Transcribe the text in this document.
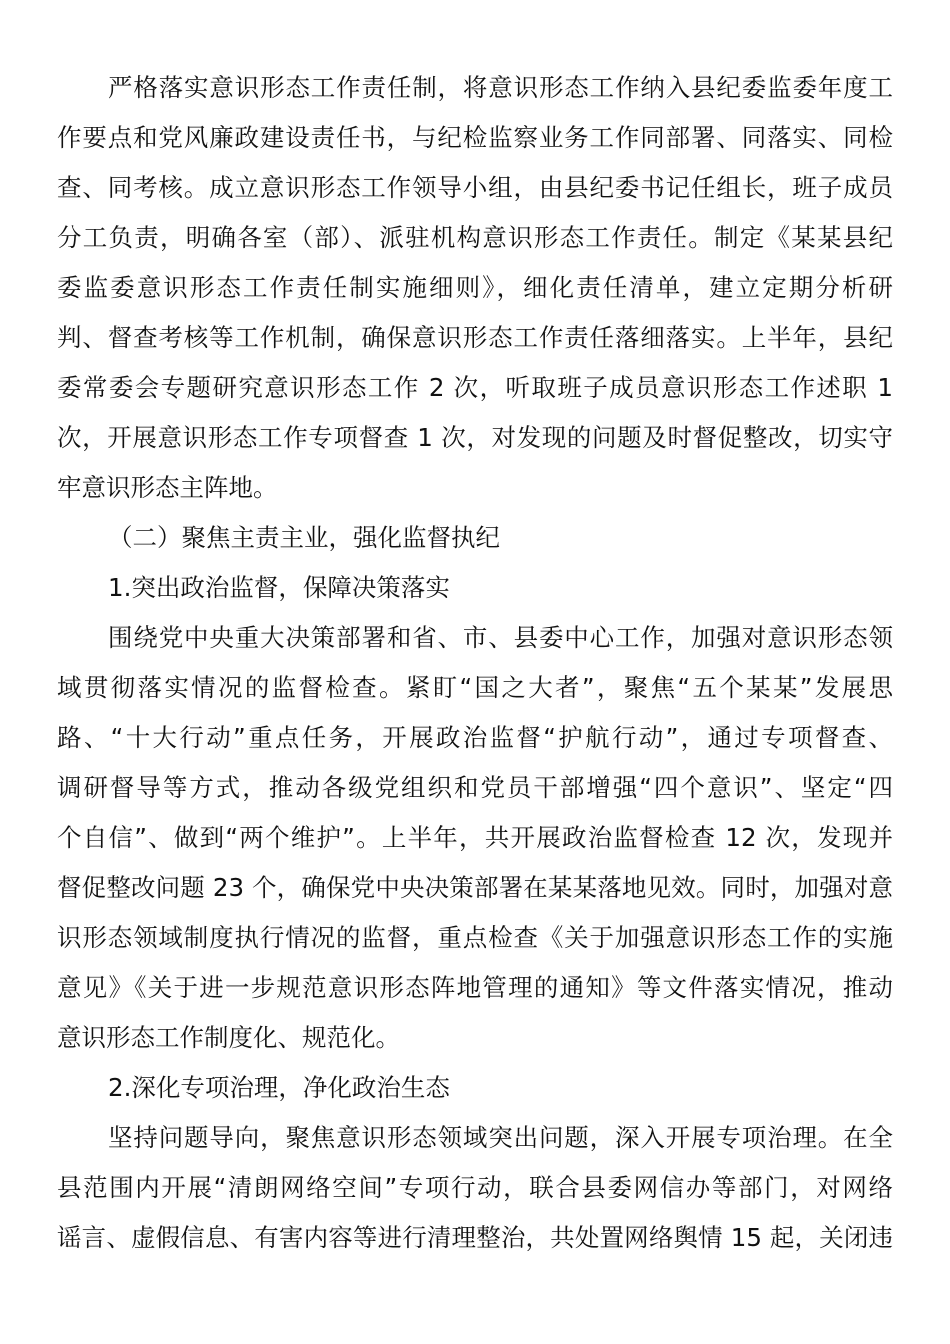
严格落实意识形态工作责任制，将意识形态工作纳入县纪委监委年度工
作要点和党风廉政建设责任书，与纪检监察业务工作同部署、同落实、同检
查、同考核。成立意识形态工作领导小组，由县纪委书记任组长，班子成员
分工负责，明确各室（部）、派驻机构意识形态工作责任。制定《某某县纪
委监委意识形态工作责任制实施细则》，细化责任清单，建立定期分析研
判、督查考核等工作机制，确保意识形态工作责任落细落实。上半年，县纪
委常委会专题研究意识形态工作 2 次，听取班子成员意识形态工作述职 1
次，开展意识形态工作专项督查 1 次，对发现的问题及时督促整改，切实守
牢意识形态主阵地。
（二）聚焦主责主业，强化监督执纪
1.突出政治监督，保障决策落实
围绕党中央重大决策部署和省、市、县委中心工作，加强对意识形态领
域贯彻落实情况的监督检查。紧盯“国之大者”，聚焦“五个某某”发展思
路、“十大行动”重点任务，开展政治监督“护航行动”，通过专项督查、
调研督导等方式，推动各级党组织和党员干部增强“四个意识”、坚定“四
个自信”、做到“两个维护”。上半年，共开展政治监督检查 12 次，发现并
督促整改问题 23 个，确保党中央决策部署在某某落地见效。同时，加强对意
识形态领域制度执行情况的监督，重点检查《关于加强意识形态工作的实施
意见》《关于进一步规范意识形态阵地管理的通知》等文件落实情况，推动
意识形态工作制度化、规范化。
2.深化专项治理，净化政治生态
坚持问题导向，聚焦意识形态领域突出问题，深入开展专项治理。在全
县范围内开展“清朗网络空间”专项行动，联合县委网信办等部门，对网络
谣言、虚假信息、有害内容等进行清理整治，共处置网络舆情 15 起，关闭违
